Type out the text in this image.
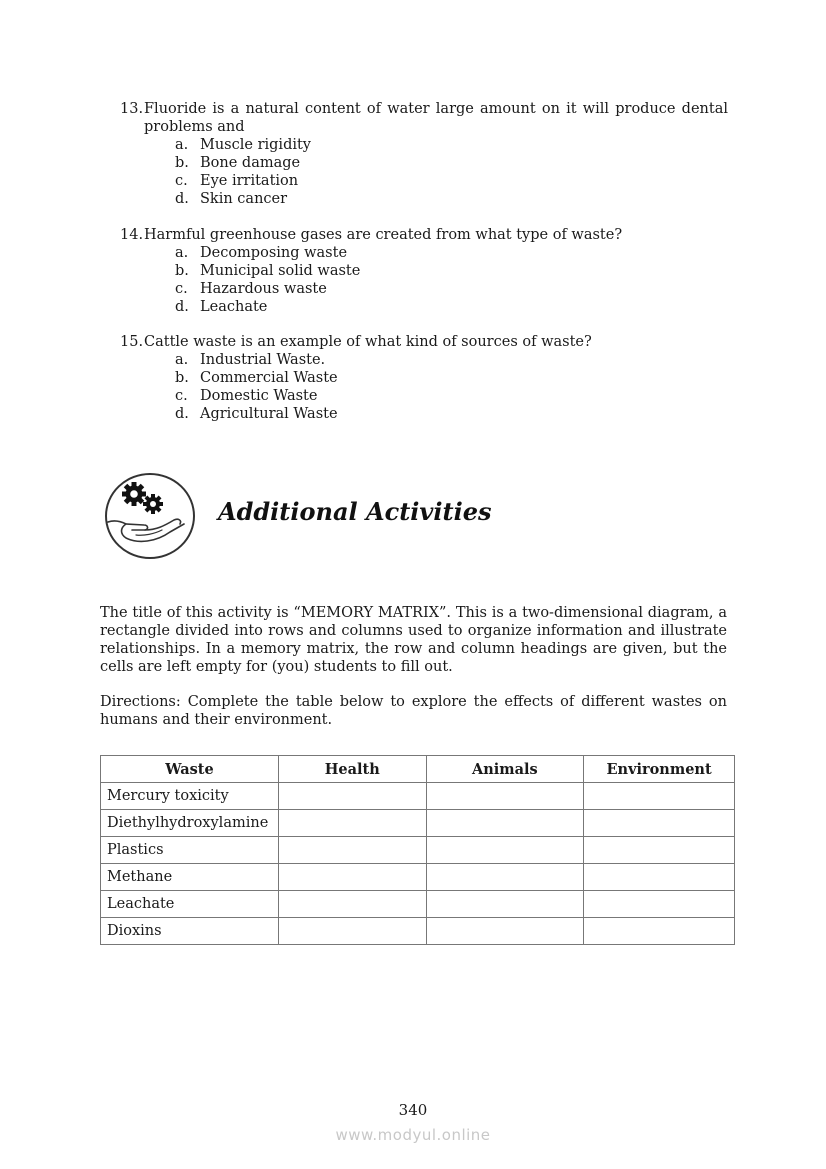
13. Fluoride is a natural content of water large amount on it will produce dental problems and
a. Muscle rigidity
b. Bone damage
c. Eye irritation
d. Skin cancer
14. Harmful greenhouse gases are created from what type of waste?
a. Decomposing waste
b. Municipal solid waste
c. Hazardous waste
d. Leachate
15. Cattle waste is an example of what kind of sources of waste?
a. Industrial Waste.
b. Commercial Waste
c. Domestic Waste
d. Agricultural Waste
Additional Activities

The title of this activity is “MEMORY MATRIX”. This is a two-dimensional diagram, a rectangle divided into rows and columns used to organize information and illustrate relationships. In a memory matrix, the row and column headings are given, but the cells are left empty for (you) students to fill out.

Directions: Complete the table below to explore the effects of different wastes on humans and their environment.

Waste	Health	Animals	Environment
Mercury toxicity			
Diethylhydroxylamine			
Plastics			
Methane			
Leachate			
Dioxins			
340
www.modyul.online
